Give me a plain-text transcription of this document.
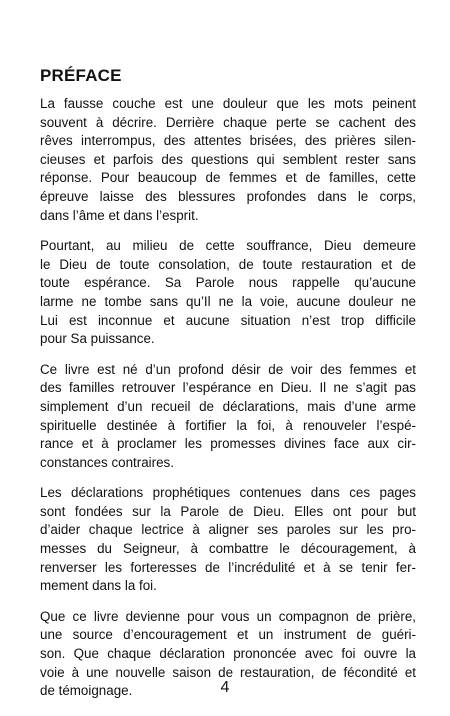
PRÉFACE

La fausse couche est une douleur que les mots peinent
souvent à décrire. Derrière chaque perte se cachent des
rêves interrompus, des attentes brisées, des prières silen-
cieuses et parfois des questions qui semblent rester sans
réponse. Pour beaucoup de femmes et de familles, cette
épreuve laisse des blessures profondes dans le corps,
dans l’âme et dans l’esprit.

Pourtant, au milieu de cette souffrance, Dieu demeure
le Dieu de toute consolation, de toute restauration et de
toute espérance. Sa Parole nous rappelle qu’aucune
larme ne tombe sans qu’Il ne la voie, aucune douleur ne
Lui est inconnue et aucune situation n’est trop difficile
pour Sa puissance.

Ce livre est né d’un profond désir de voir des femmes et
des familles retrouver l’espérance en Dieu. Il ne s’agit pas
simplement d’un recueil de déclarations, mais d’une arme
spirituelle destinée à fortifier la foi, à renouveler l’espé-
rance et à proclamer les promesses divines face aux cir-
constances contraires.

Les déclarations prophétiques contenues dans ces pages
sont fondées sur la Parole de Dieu. Elles ont pour but
d’aider chaque lectrice à aligner ses paroles sur les pro-
messes du Seigneur, à combattre le découragement, à
renverser les forteresses de l’incrédulité et à se tenir fer-
mement dans la foi.

Que ce livre devienne pour vous un compagnon de prière,
une source d’encouragement et un instrument de guéri-
son. Que chaque déclaration prononcée avec foi ouvre la
voie à une nouvelle saison de restauration, de fécondité et
de témoignage.	4
